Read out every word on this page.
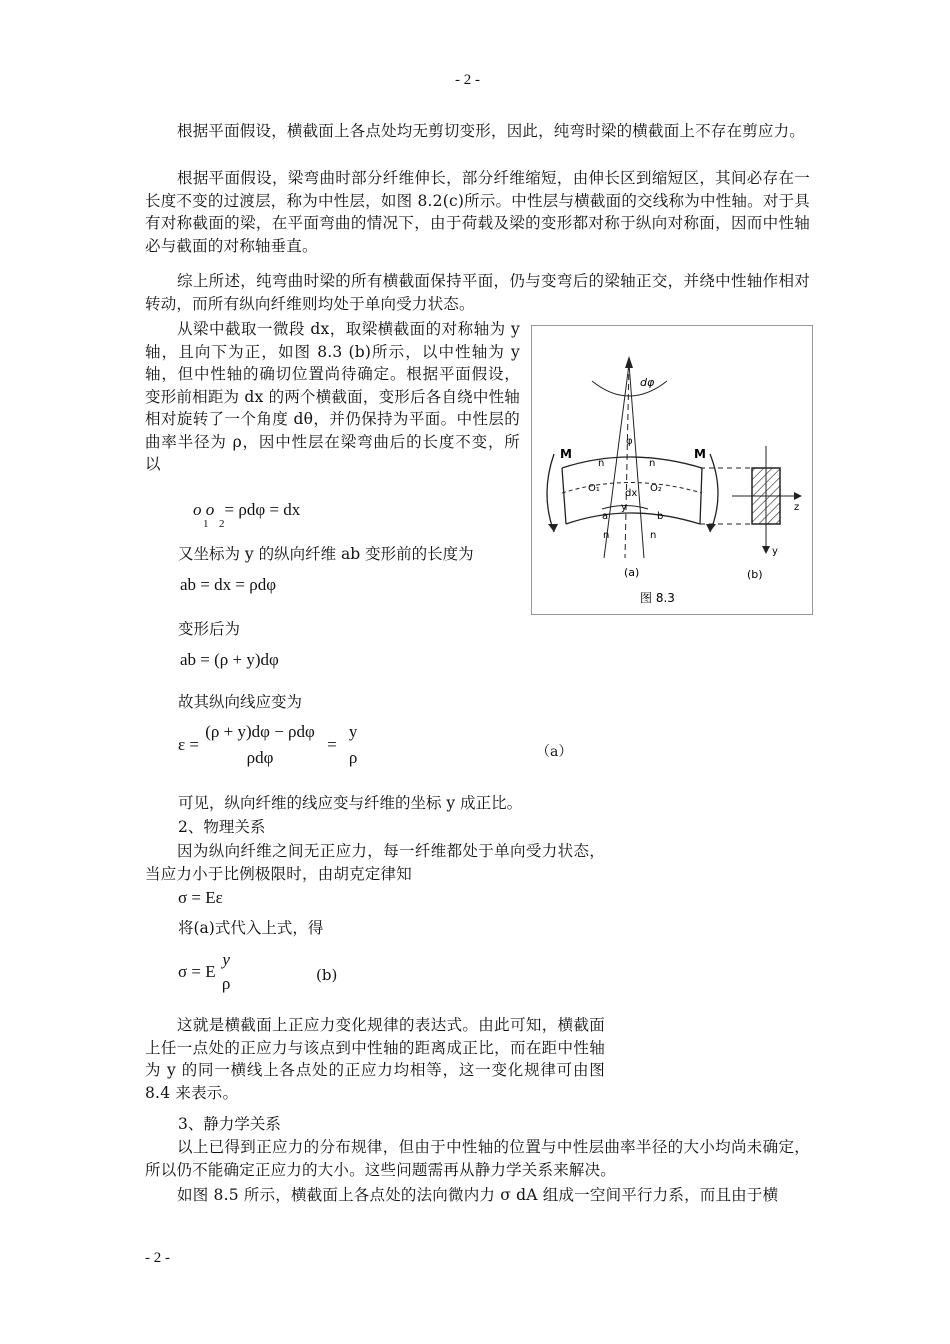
- 2 -
根据平面假设，横截面上各点处均无剪切变形，因此，纯弯时梁的横截面上不存在剪应力。
根据平面假设，梁弯曲时部分纤维伸长，部分纤维缩短，由伸长区到缩短区，其间必存在一长度不变的过渡层，称为中性层，如图 8.2(c)所示。中性层与横截面的交线称为中性轴。对于具有对称截面的梁，在平面弯曲的情况下，由于荷载及梁的变形都对称于纵向对称面，因而中性轴必与截面的对称轴垂直。
综上所述，纯弯曲时梁的所有横截面保持平面，仍与变弯后的梁轴正交，并绕中性轴作相对转动，而所有纵向纤维则均处于单向受力状态。
从梁中截取一微段 dx，取梁横截面的对称轴为 y 轴，且向下为正，如图 8.3 (b)所示，以中性轴为 y 轴，但中性轴的确切位置尚待确定。根据平面假设，变形前相距为 dx 的两个横截面，变形后各自绕中性轴相对旋转了一个角度 dθ，并仍保持为平面。中性层的曲率半径为 ρ，因中性层在梁弯曲后的长度不变，所以
o o
1 2
= ρdφ = dx
又坐标为 y 的纵向纤维 ab 变形前的长度为
ab = dx = ρdφ
变形后为
ab = (ρ + y)dφ
故其纵向线应变为
ε =
(ρ + y)dφ − ρdφ
ρdφ
=
y
ρ	（a）
可见，纵向纤维的线应变与纤维的坐标 y 成正比。
2、物理关系
因为纵向纤维之间无正应力，每一纤维都处于单向受力状态，当应力小于比例极限时，由胡克定律知
σ = Eε
将(a)式代入上式，得
σ = E
y
ρ	(b)
这就是横截面上正应力变化规律的表达式。由此可知，横截面上任一点处的正应力与该点到中性轴的距离成正比，而在距中性轴为 y 的同一横线上各点处的正应力均相等，这一变化规律可由图 8.4 来表示。
3、静力学关系
以上已得到正应力的分布规律，但由于中性轴的位置与中性层曲率半径的大小均尚未确定，所以仍不能确定正应力的大小。这些问题需再从静力学关系来解决。
如图 8.5 所示，横截面上各点处的法向微内力 σ dA 组成一空间平行力系，而且由于横
- 2 -
dφ
φ
M	M
n	n
n	n
O₁	O₂
dx
a	b
y	z
y
(a)	(b)
图 8.3
